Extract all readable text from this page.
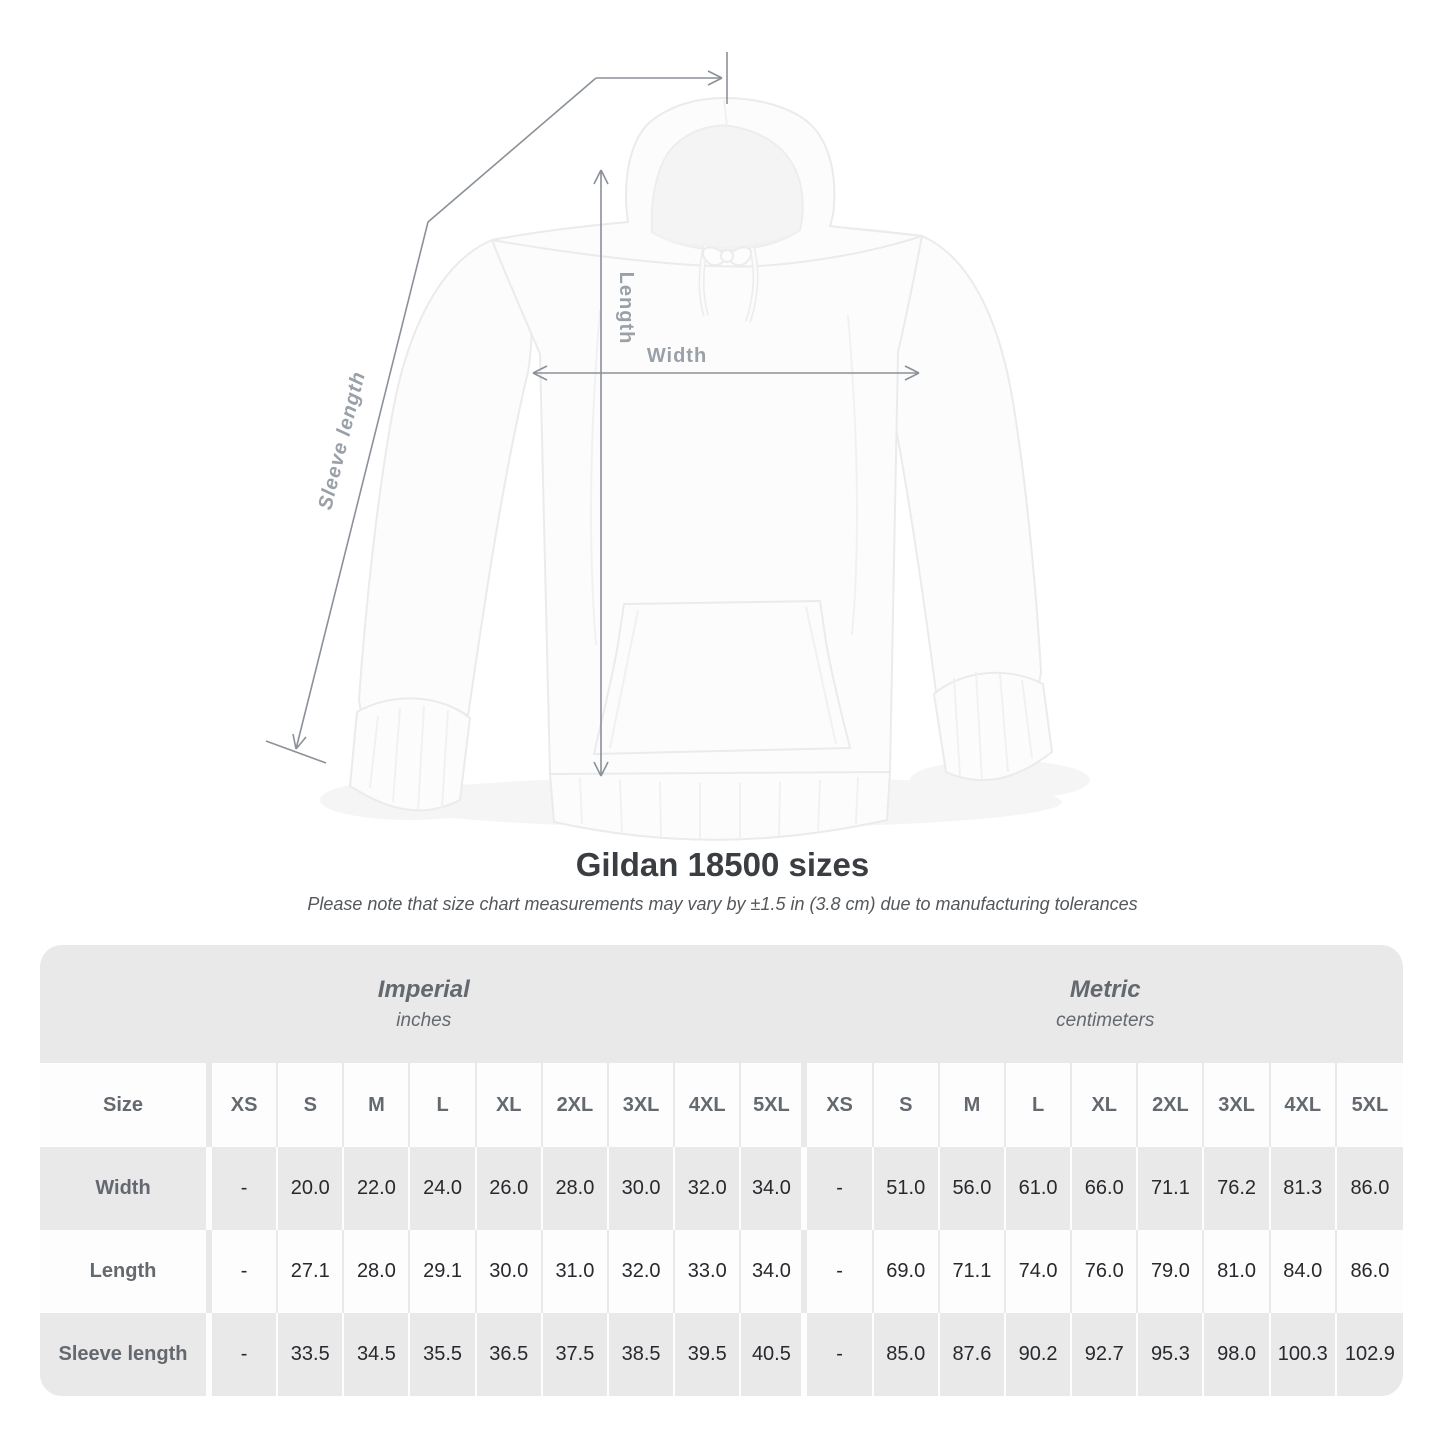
Length
Width
Sleeve length
Gildan 18500 sizes
Please note that size chart measurements may vary by ±1.5 in (3.8 cm) due to manufacturing tolerances
Imperial
inches
Metric
centimeters
Size	XS	S	M	L	XL	2XL	3XL	4XL	5XL	XS	S	M	L	XL	2XL	3XL	4XL	5XL
Width	-	20.0	22.0	24.0	26.0	28.0	30.0	32.0	34.0	-	51.0	56.0	61.0	66.0	71.1	76.2	81.3	86.0
Length	-	27.1	28.0	29.1	30.0	31.0	32.0	33.0	34.0	-	69.0	71.1	74.0	76.0	79.0	81.0	84.0	86.0
Sleeve length	-	33.5	34.5	35.5	36.5	37.5	38.5	39.5	40.5	-	85.0	87.6	90.2	92.7	95.3	98.0	100.3 102.9
